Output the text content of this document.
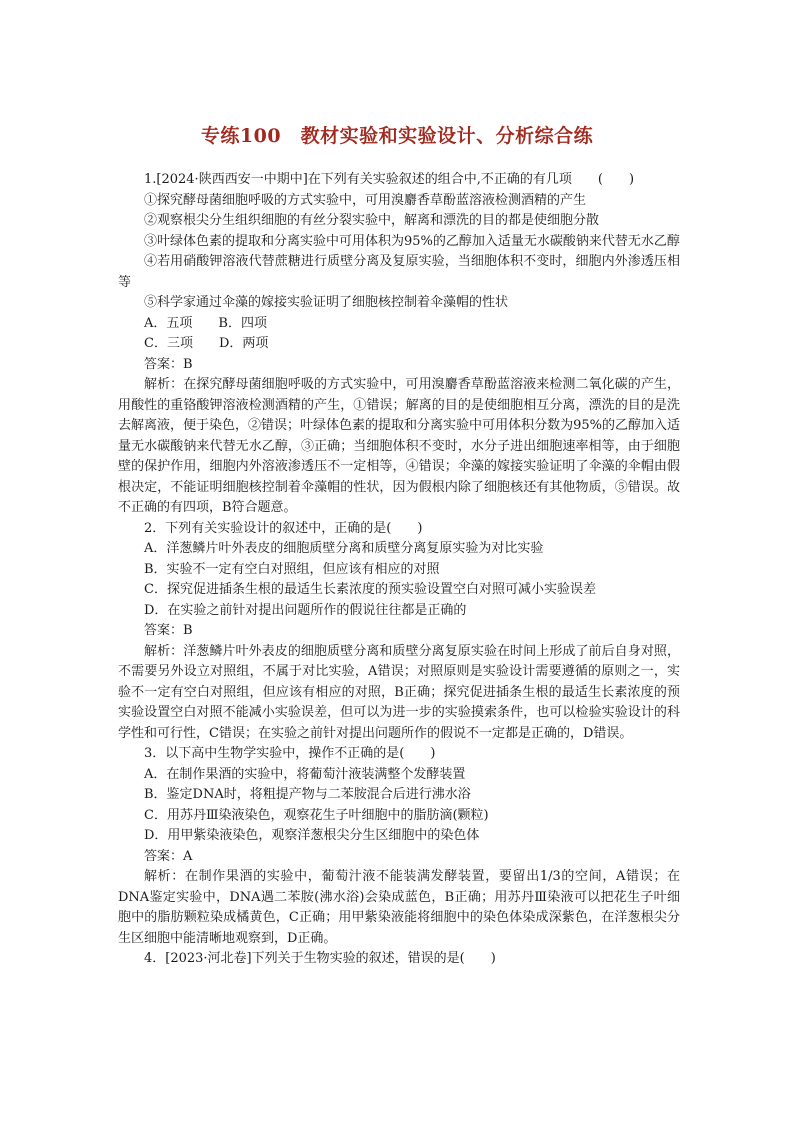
专练100　教材实验和实验设计、分析综合练

1.[2024·陕西西安一中期中]在下列有关实验叙述的组合中,不正确的有几项　　(　　)

①探究酵母菌细胞呼吸的方式实验中，可用溴麝香草酚蓝溶液检测酒精的产生

②观察根尖分生组织细胞的有丝分裂实验中，解离和漂洗的目的都是使细胞分散

③叶绿体色素的提取和分离实验中可用体积为95%的乙醇加入适量无水碳酸钠来代替无水乙醇

④若用硝酸钾溶液代替蔗糖进行质壁分离及复原实验，当细胞体积不变时，细胞内外渗透压相等

⑤科学家通过伞藻的嫁接实验证明了细胞核控制着伞藻帽的性状

A．五项　　B．四项

C．三项　　D．两项

答案：B

解析：在探究酵母菌细胞呼吸的方式实验中，可用溴麝香草酚蓝溶液来检测二氧化碳的产生，用酸性的重铬酸钾溶液检测酒精的产生，①错误；解离的目的是使细胞相互分离，漂洗的目的是洗去解离液，便于染色，②错误；叶绿体色素的提取和分离实验中可用体积分数为95%的乙醇加入适量无水碳酸钠来代替无水乙醇，③正确；当细胞体积不变时，水分子进出细胞速率相等，由于细胞壁的保护作用，细胞内外溶液渗透压不一定相等，④错误；伞藻的嫁接实验证明了伞藻的伞帽由假根决定，不能证明细胞核控制着伞藻帽的性状，因为假根内除了细胞核还有其他物质，⑤错误。故不正确的有四项，B符合题意。

2．下列有关实验设计的叙述中，正确的是(　　)

A．洋葱鳞片叶外表皮的细胞质壁分离和质壁分离复原实验为对比实验

B．实验不一定有空白对照组，但应该有相应的对照

C．探究促进插条生根的最适生长素浓度的预实验设置空白对照可减小实验误差

D．在实验之前针对提出问题所作的假说往往都是正确的

答案：B

解析：洋葱鳞片叶外表皮的细胞质壁分离和质壁分离复原实验在时间上形成了前后自身对照，不需要另外设立对照组，不属于对比实验，A错误；对照原则是实验设计需要遵循的原则之一，实验不一定有空白对照组，但应该有相应的对照，B正确；探究促进插条生根的最适生长素浓度的预实验设置空白对照不能减小实验误差，但可以为进一步的实验摸索条件，也可以检验实验设计的科学性和可行性，C错误；在实验之前针对提出问题所作的假说不一定都是正确的，D错误。

3．以下高中生物学实验中，操作不正确的是(　　)

A．在制作果酒的实验中，将葡萄汁液装满整个发酵装置

B．鉴定DNA时，将粗提产物与二苯胺混合后进行沸水浴

C．用苏丹Ⅲ染液染色，观察花生子叶细胞中的脂肪滴(颗粒)

D．用甲紫染液染色，观察洋葱根尖分生区细胞中的染色体

答案：A

解析：在制作果酒的实验中，葡萄汁液不能装满发酵装置，要留出1/3的空间，A错误；在DNA鉴定实验中，DNA遇二苯胺(沸水浴)会染成蓝色，B正确；用苏丹Ⅲ染液可以把花生子叶细胞中的脂肪颗粒染成橘黄色，C正确；用甲紫染液能将细胞中的染色体染成深紫色，在洋葱根尖分生区细胞中能清晰地观察到，D正确。

4．[2023·河北卷]下列关于生物实验的叙述，错误的是(　　)
